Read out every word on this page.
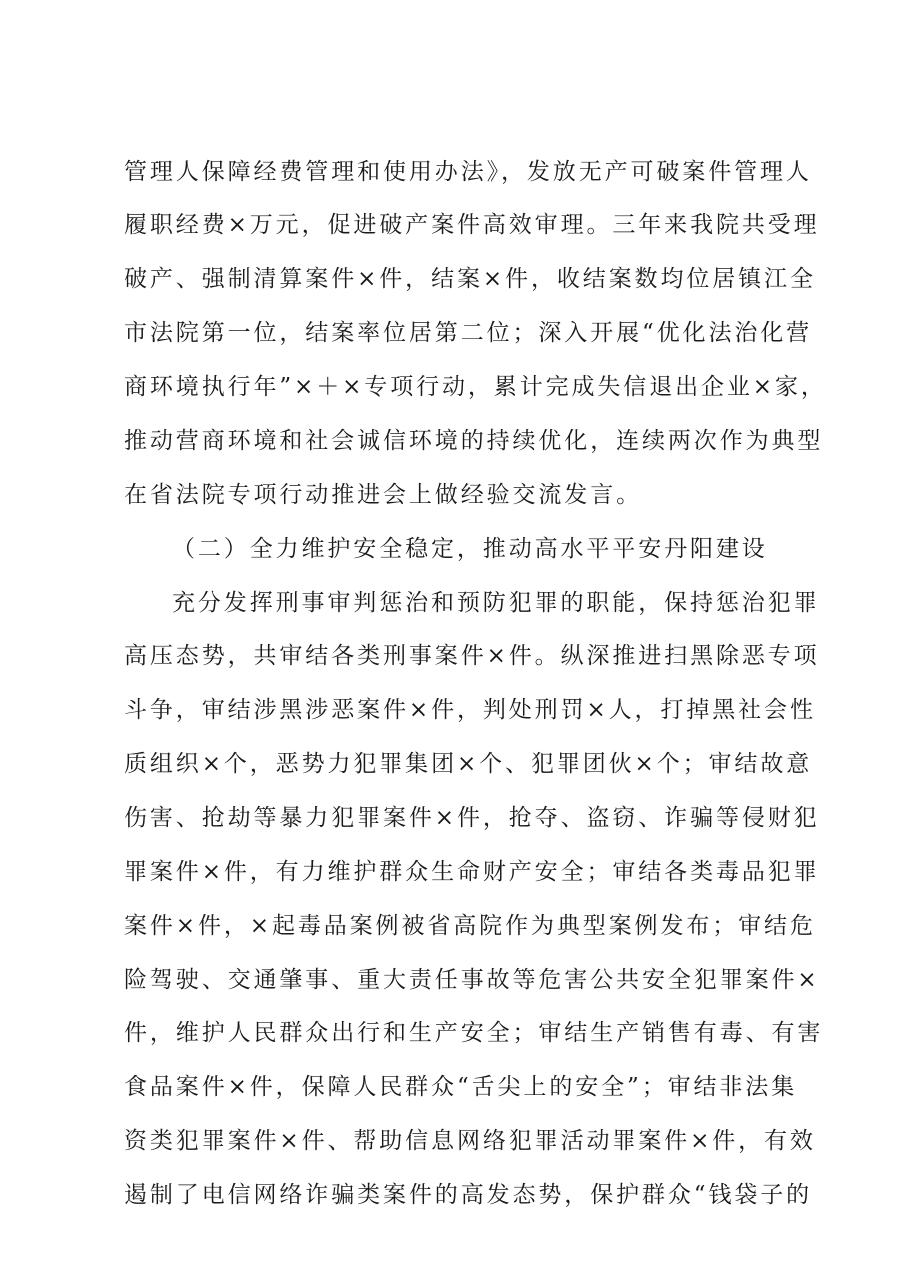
管理人保障经费管理和使用办法》，发放无产可破案件管理人
履职经费×万元，促进破产案件高效审理。三年来我院共受理
破产、强制清算案件×件，结案×件，收结案数均位居镇江全
市法院第一位，结案率位居第二位；深入开展“优化法治化营
商环境执行年”×＋×专项行动，累计完成失信退出企业×家，
推动营商环境和社会诚信环境的持续优化，连续两次作为典型
在省法院专项行动推进会上做经验交流发言。
（二）全力维护安全稳定，推动高水平平安丹阳建设
充分发挥刑事审判惩治和预防犯罪的职能，保持惩治犯罪
高压态势，共审结各类刑事案件×件。纵深推进扫黑除恶专项
斗争，审结涉黑涉恶案件×件，判处刑罚×人，打掉黑社会性
质组织×个，恶势力犯罪集团×个、犯罪团伙×个；审结故意
伤害、抢劫等暴力犯罪案件×件，抢夺、盗窃、诈骗等侵财犯
罪案件×件，有力维护群众生命财产安全；审结各类毒品犯罪
案件×件，×起毒品案例被省高院作为典型案例发布；审结危
险驾驶、交通肇事、重大责任事故等危害公共安全犯罪案件×
件，维护人民群众出行和生产安全；审结生产销售有毒、有害
食品案件×件，保障人民群众“舌尖上的安全”；审结非法集
资类犯罪案件×件、帮助信息网络犯罪活动罪案件×件，有效
遏制了电信网络诈骗类案件的高发态势，保护群众“钱袋子的
